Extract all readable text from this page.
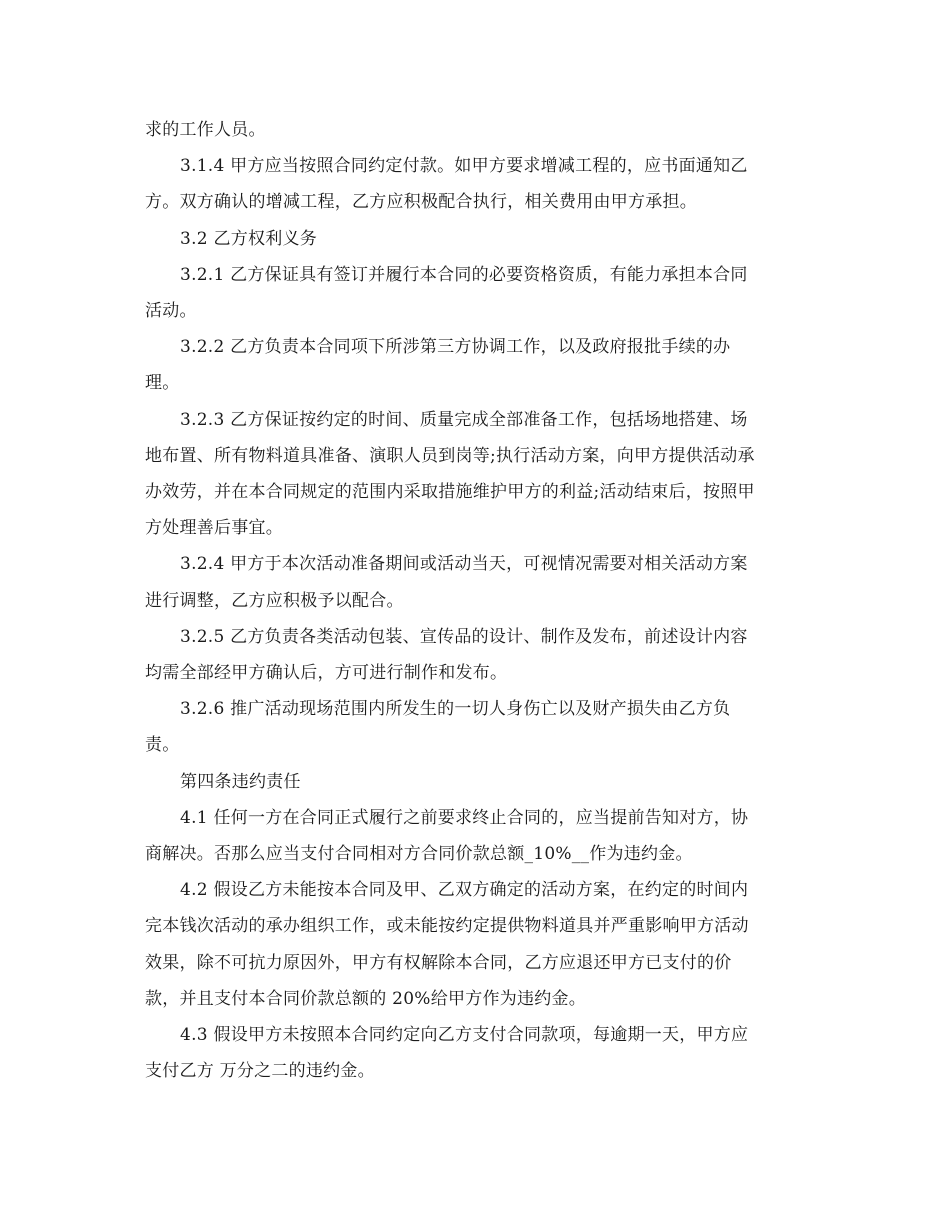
求的工作人员。
3.1.4 甲方应当按照合同约定付款。如甲方要求增减工程的，应书面通知乙
方。双方确认的增减工程，乙方应积极配合执行，相关费用由甲方承担。
3.2 乙方权利义务
3.2.1 乙方保证具有签订并履行本合同的必要资格资质，有能力承担本合同
活动。
3.2.2 乙方负责本合同项下所涉第三方协调工作，以及政府报批手续的办
理。
3.2.3 乙方保证按约定的时间、质量完成全部准备工作，包括场地搭建、场
地布置、所有物料道具准备、演职人员到岗等;执行活动方案，向甲方提供活动承
办效劳，并在本合同规定的范围内采取措施维护甲方的利益;活动结束后，按照甲
方处理善后事宜。
3.2.4 甲方于本次活动准备期间或活动当天，可视情况需要对相关活动方案
进行调整，乙方应积极予以配合。
3.2.5 乙方负责各类活动包装、宣传品的设计、制作及发布，前述设计内容
均需全部经甲方确认后，方可进行制作和发布。
3.2.6 推广活动现场范围内所发生的一切人身伤亡以及财产损失由乙方负
责。
第四条违约责任
4.1 任何一方在合同正式履行之前要求终止合同的，应当提前告知对方，协
商解决。否那么应当支付合同相对方合同价款总额_10%__作为违约金。
4.2 假设乙方未能按本合同及甲、乙双方确定的活动方案，在约定的时间内
完本钱次活动的承办组织工作，或未能按约定提供物料道具并严重影响甲方活动
效果，除不可抗力原因外，甲方有权解除本合同，乙方应退还甲方已支付的价
款，并且支付本合同价款总额的 20%给甲方作为违约金。
4.3 假设甲方未按照本合同约定向乙方支付合同款项，每逾期一天，甲方应
支付乙方 万分之二的违约金。
